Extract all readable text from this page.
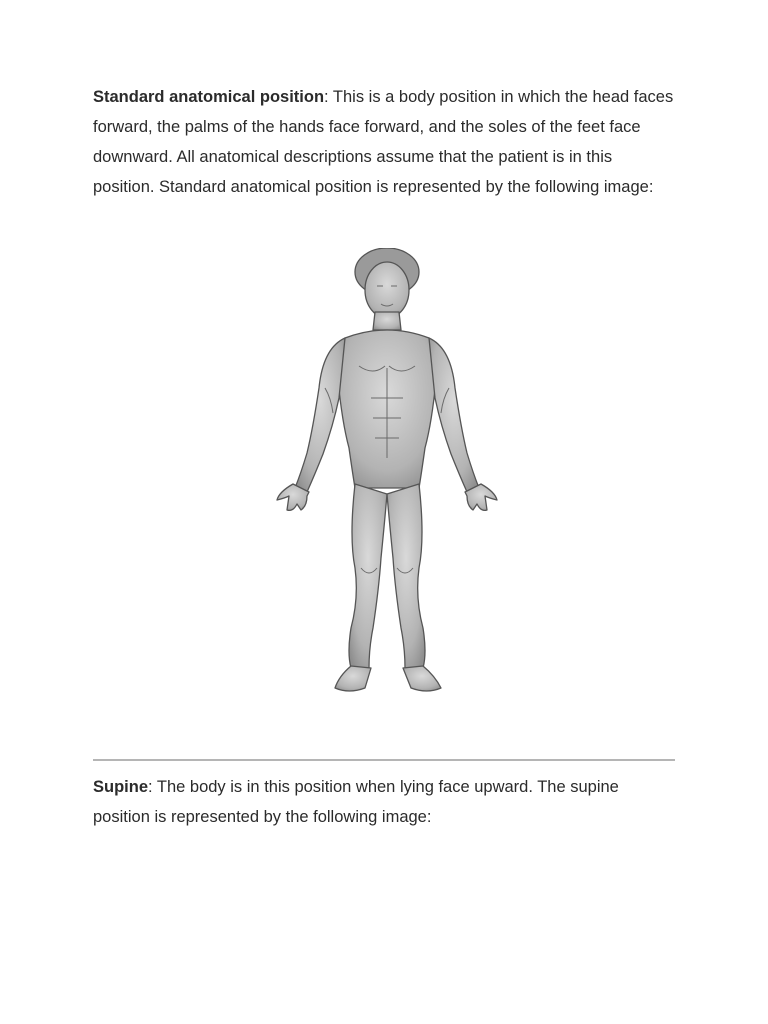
Standard anatomical position: This is a body position in which the head faces forward, the palms of the hands face forward, and the soles of the feet face downward. All anatomical descriptions assume that the patient is in this position. Standard anatomical position is represented by the following image:

Supine: The body is in this position when lying face upward. The supine position is represented by the following image:
